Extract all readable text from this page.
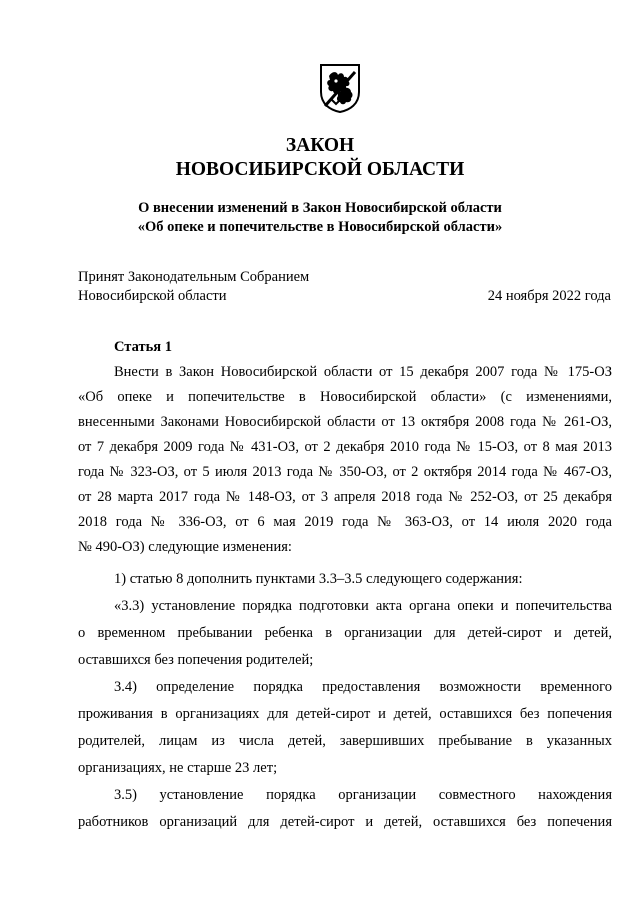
ЗАКОН
НОВОСИБИРСКОЙ ОБЛАСТИ
О внесении изменений в Закон Новосибирской области
«Об опеке и попечительстве в Новосибирской области»
Принят Законодательным Собранием
Новосибирской области	24 ноября 2022 года
Статья 1
Внести в Закон Новосибирской области от 15 декабря 2007 года № 175-ОЗ
«Об опеке и попечительстве в Новосибирской области» (с изменениями,
внесенными Законами Новосибирской области от 13 октября 2008 года № 261-ОЗ,
от 7 декабря 2009 года № 431-ОЗ, от 2 декабря 2010 года № 15-ОЗ, от 8 мая 2013
года № 323-ОЗ, от 5 июля 2013 года № 350-ОЗ, от 2 октября 2014 года № 467-ОЗ,
от 28 марта 2017 года № 148-ОЗ, от 3 апреля 2018 года № 252-ОЗ, от 25 декабря
2018 года № 336-ОЗ, от 6 мая 2019 года № 363-ОЗ, от 14 июля 2020 года
№ 490-ОЗ) следующие изменения:
1) статью 8 дополнить пунктами 3.3–3.5 следующего содержания:
«3.3) установление порядка подготовки акта органа опеки и попечительства
о временном пребывании ребенка в организации для детей-сирот и детей,
оставшихся без попечения родителей;
3.4) определение порядка предоставления возможности временного
проживания в организациях для детей-сирот и детей, оставшихся без попечения
родителей, лицам из числа детей, завершивших пребывание в указанных
организациях, не старше 23 лет;
3.5) установление порядка организации совместного нахождения
работников организаций для детей-сирот и детей, оставшихся без попечения
